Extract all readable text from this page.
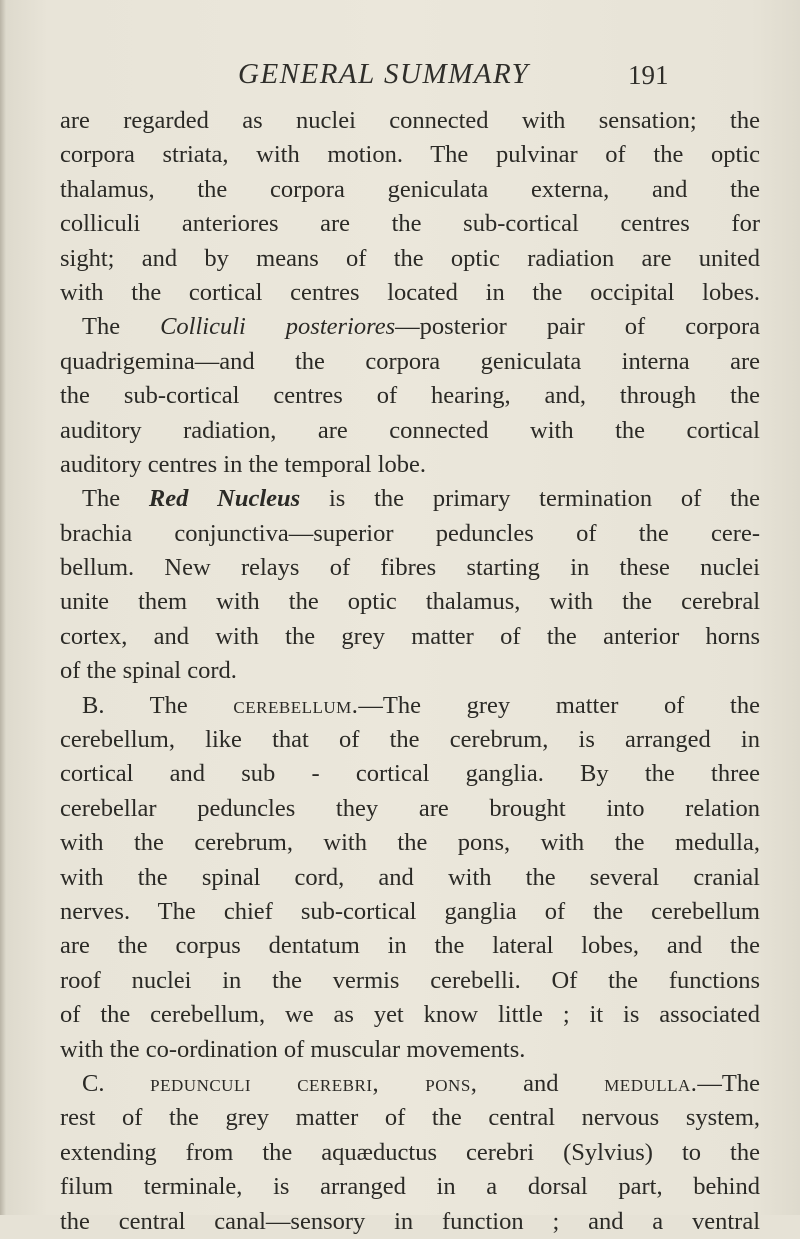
GENERAL SUMMARY	191
are regarded as nuclei connected with sensation; the
corpora striata, with motion. The pulvinar of the optic
thalamus, the corpora geniculata externa, and the
colliculi anteriores are the sub-cortical centres for
sight; and by means of the optic radiation are united
with the cortical centres located in the occipital lobes.
The Colliculi posteriores—posterior pair of corpora
quadrigemina—and the corpora geniculata interna are
the sub-cortical centres of hearing, and, through the
auditory radiation, are connected with the cortical
auditory centres in the temporal lobe.
The Red Nucleus is the primary termination of the
brachia conjunctiva—superior peduncles of the cere-
bellum. New relays of fibres starting in these nuclei
unite them with the optic thalamus, with the cerebral
cortex, and with the grey matter of the anterior horns
of the spinal cord.
B. The cerebellum.—The grey matter of the
cerebellum, like that of the cerebrum, is arranged in
cortical and sub - cortical ganglia. By the three
cerebellar peduncles they are brought into relation
with the cerebrum, with the pons, with the medulla,
with the spinal cord, and with the several cranial
nerves. The chief sub-cortical ganglia of the cerebellum
are the corpus dentatum in the lateral lobes, and the
roof nuclei in the vermis cerebelli. Of the functions
of the cerebellum, we as yet know little ; it is associated
with the co-ordination of muscular movements.
C. pedunculi cerebri, pons, and medulla.—The
rest of the grey matter of the central nervous system,
extending from the aquæductus cerebri (Sylvius) to the
filum terminale, is arranged in a dorsal part, behind
the central canal—sensory in function ; and a ventral
